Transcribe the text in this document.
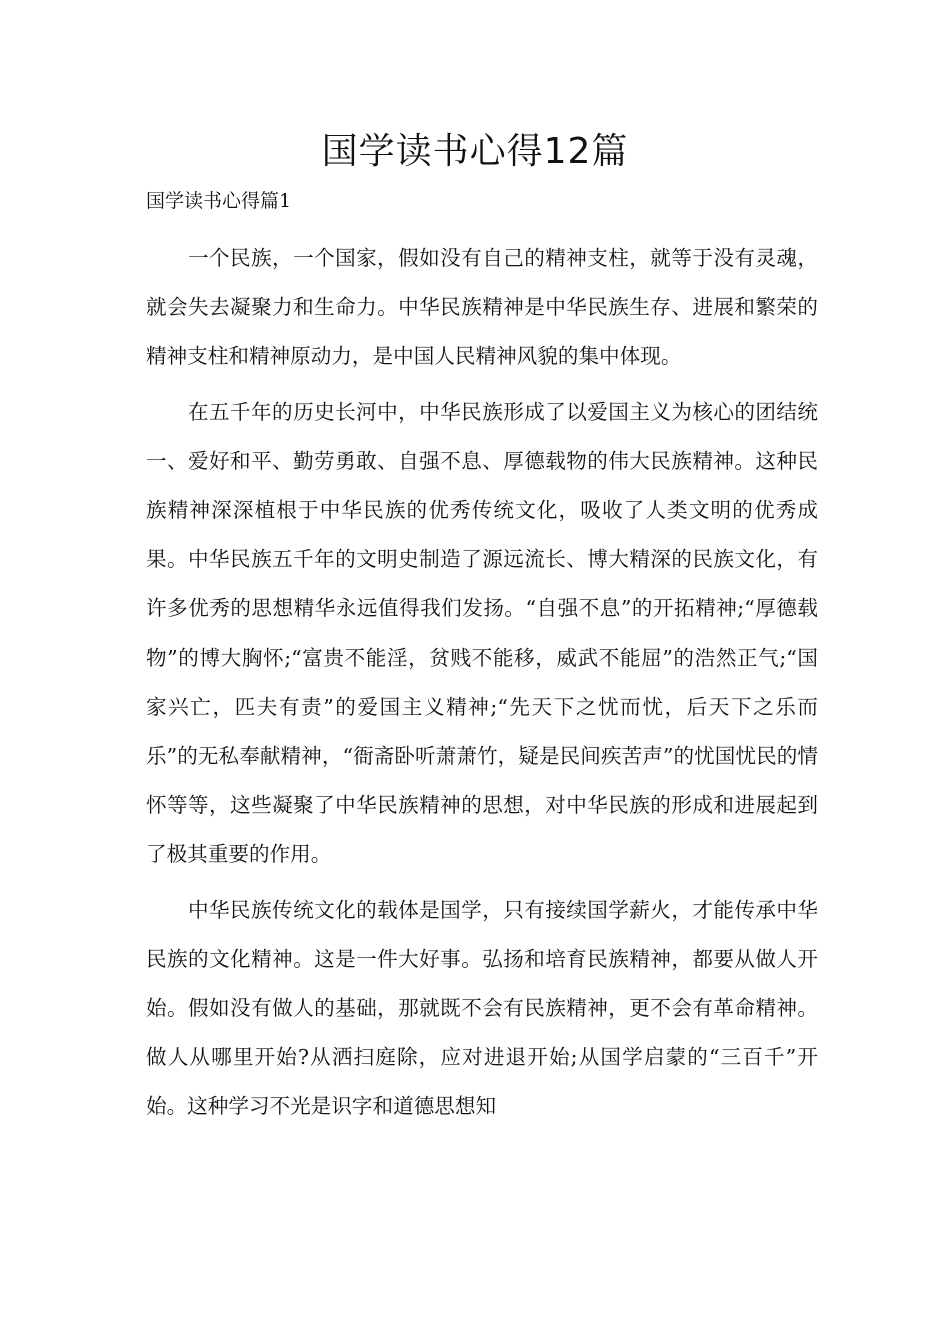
国学读书心得12篇
国学读书心得篇1

一个民族，一个国家，假如没有自己的精神支柱，就等于没有灵魂，就会失去凝聚力和生命力。中华民族精神是中华民族生存、进展和繁荣的精神支柱和精神原动力，是中国人民精神风貌的集中体现。

在五千年的历史长河中，中华民族形成了以爱国主义为核心的团结统一、爱好和平、勤劳勇敢、自强不息、厚德载物的伟大民族精神。这种民族精神深深植根于中华民族的优秀传统文化，吸收了人类文明的优秀成果。中华民族五千年的文明史制造了源远流长、博大精深的民族文化，有许多优秀的思想精华永远值得我们发扬。“自强不息”的开拓精神;“厚德载物”的博大胸怀;“富贵不能淫，贫贱不能移，威武不能屈”的浩然正气;“国家兴亡，匹夫有责”的爱国主义精神;“先天下之忧而忧，后天下之乐而乐”的无私奉献精神，“衙斋卧听萧萧竹，疑是民间疾苦声”的忧国忧民的情怀等等，这些凝聚了中华民族精神的思想，对中华民族的形成和进展起到了极其重要的作用。

中华民族传统文化的载体是国学，只有接续国学薪火，才能传承中华民族的文化精神。这是一件大好事。弘扬和培育民族精神，都要从做人开始。假如没有做人的基础，那就既不会有民族精神，更不会有革命精神。做人从哪里开始?从洒扫庭除，应对进退开始;从国学启蒙的“三百千”开始。这种学习不光是识字和道德思想知
